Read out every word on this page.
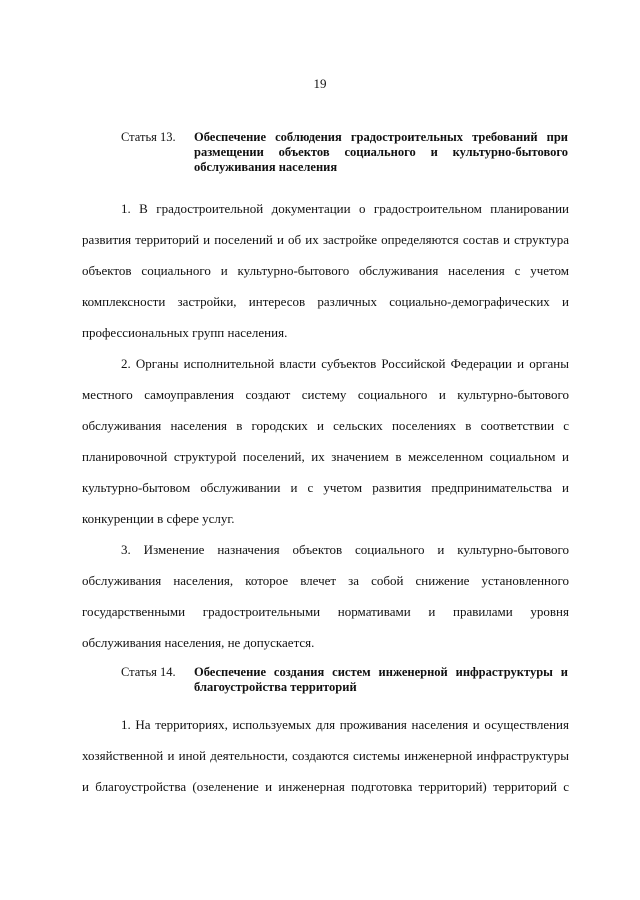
19
Статья 13. Обеспечение соблюдения градостроительных требований при
размещении объектов социального и культурно-бытового
обслуживания населения
1. В градостроительной документации о градостроительном планировании
развития территорий и поселений и об их застройке определяются состав и структура
объектов социального и культурно-бытового обслуживания населения с учетом
комплексности застройки, интересов различных социально-демографических и
профессиональных групп населения.
2. Органы исполнительной власти субъектов Российской Федерации и органы
местного самоуправления создают систему социального и культурно-бытового
обслуживания населения в городских и сельских поселениях в соответствии с
планировочной структурой поселений, их значением в межселенном социальном и
культурно-бытовом обслуживании и с учетом развития предпринимательства и
конкуренции в сфере услуг.
3. Изменение назначения объектов социального и культурно-бытового
обслуживания населения, которое влечет за собой снижение установленного
государственными градостроительными нормативами и правилами уровня
обслуживания населения, не допускается.
Статья 14. Обеспечение создания систем инженерной инфраструктуры и
благоустройства территорий
1. На территориях, используемых для проживания населения и осуществления
хозяйственной и иной деятельности, создаются системы инженерной инфраструктуры
и благоустройства (озеленение и инженерная подготовка территорий) территорий с
